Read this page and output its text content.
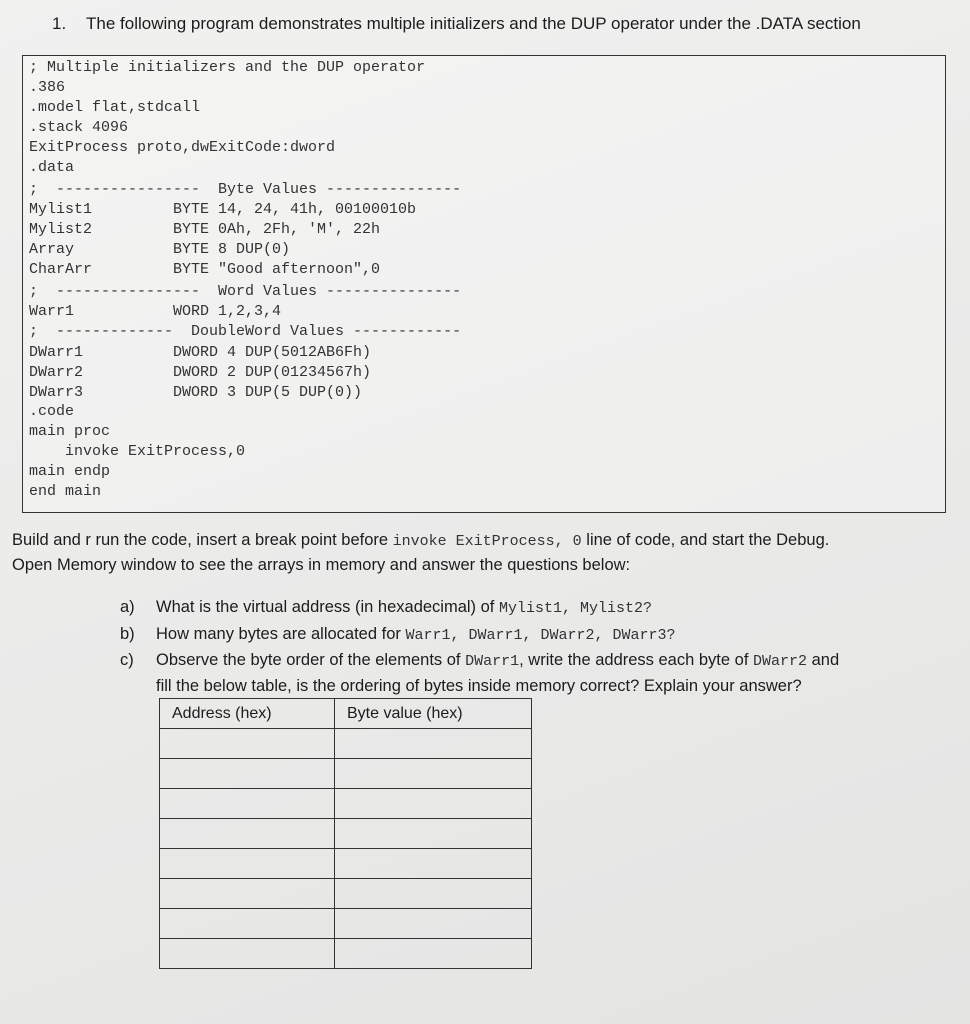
1. The following program demonstrates multiple initializers and the DUP operator under the .DATA section
; Multiple initializers and the DUP operator
.386
.model flat,stdcall
.stack 4096
ExitProcess proto,dwExitCode:dword
.data
;  ----------------  Byte Values ---------------
Mylist1	BYTE 14, 24, 41h, 00100010b
Mylist2	BYTE 0Ah, 2Fh, 'M', 22h
Array	BYTE 8 DUP(0)
CharArr	BYTE "Good afternoon",0
;  ----------------  Word Values ---------------
Warr1	WORD 1,2,3,4
;  -------------  DoubleWord Values ------------
DWarr1	DWORD 4 DUP(5012AB6Fh)
DWarr2	DWORD 2 DUP(01234567h)
DWarr3	DWORD 3 DUP(5 DUP(0))
.code
main proc
invoke ExitProcess,0
main endp
end main
Build and r run the code, insert a break point before invoke ExitProcess, 0 line of code, and start the Debug.
Open Memory window to see the arrays in memory and answer the questions below:
a) What is the virtual address (in hexadecimal) of Mylist1, Mylist2?
b) How many bytes are allocated for Warr1, DWarr1, DWarr2, DWarr3?
c) Observe the byte order of the elements of DWarr1, write the address each byte of DWarr2 and
fill the below table, is the ordering of bytes inside memory correct? Explain your answer?
Address (hex)	Byte value (hex)
